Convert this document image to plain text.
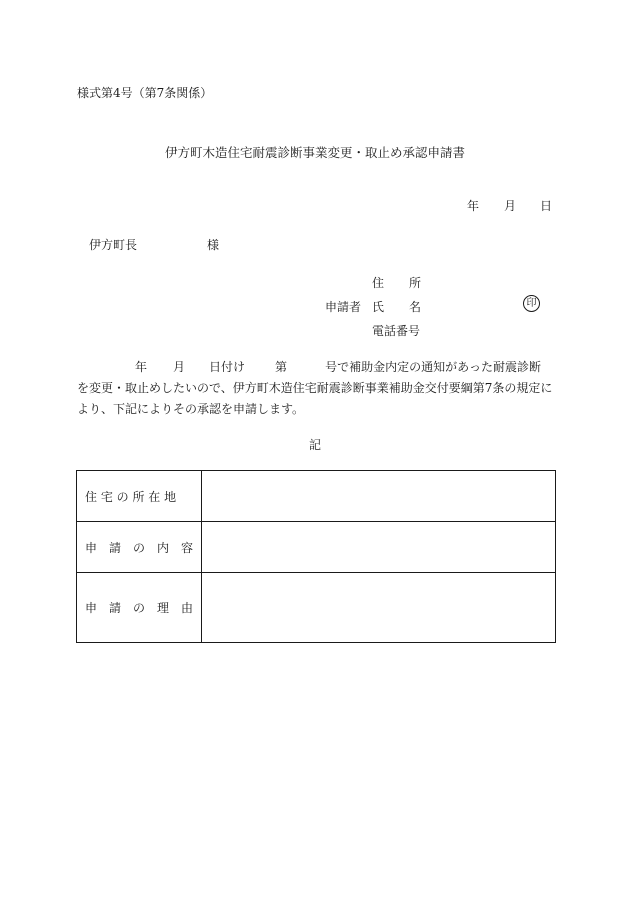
様式第4号（第7条関係）
伊方町木造住宅耐震診断事業変更・取止め承認申請書
年 月 日
伊方町長	様
住 所
申請者 氏 名	印
電話番号
年 月 日付け	第	号で補助金内定の通知があった耐震診断
を変更・取止めしたいので、伊方町木造住宅耐震診断事業補助金交付要綱第7条の規定に
より、下記によりその承認を申請します。
記
住 宅 の 所 在 地	
申　請　の　内　容	
申　請　の　理　由	
